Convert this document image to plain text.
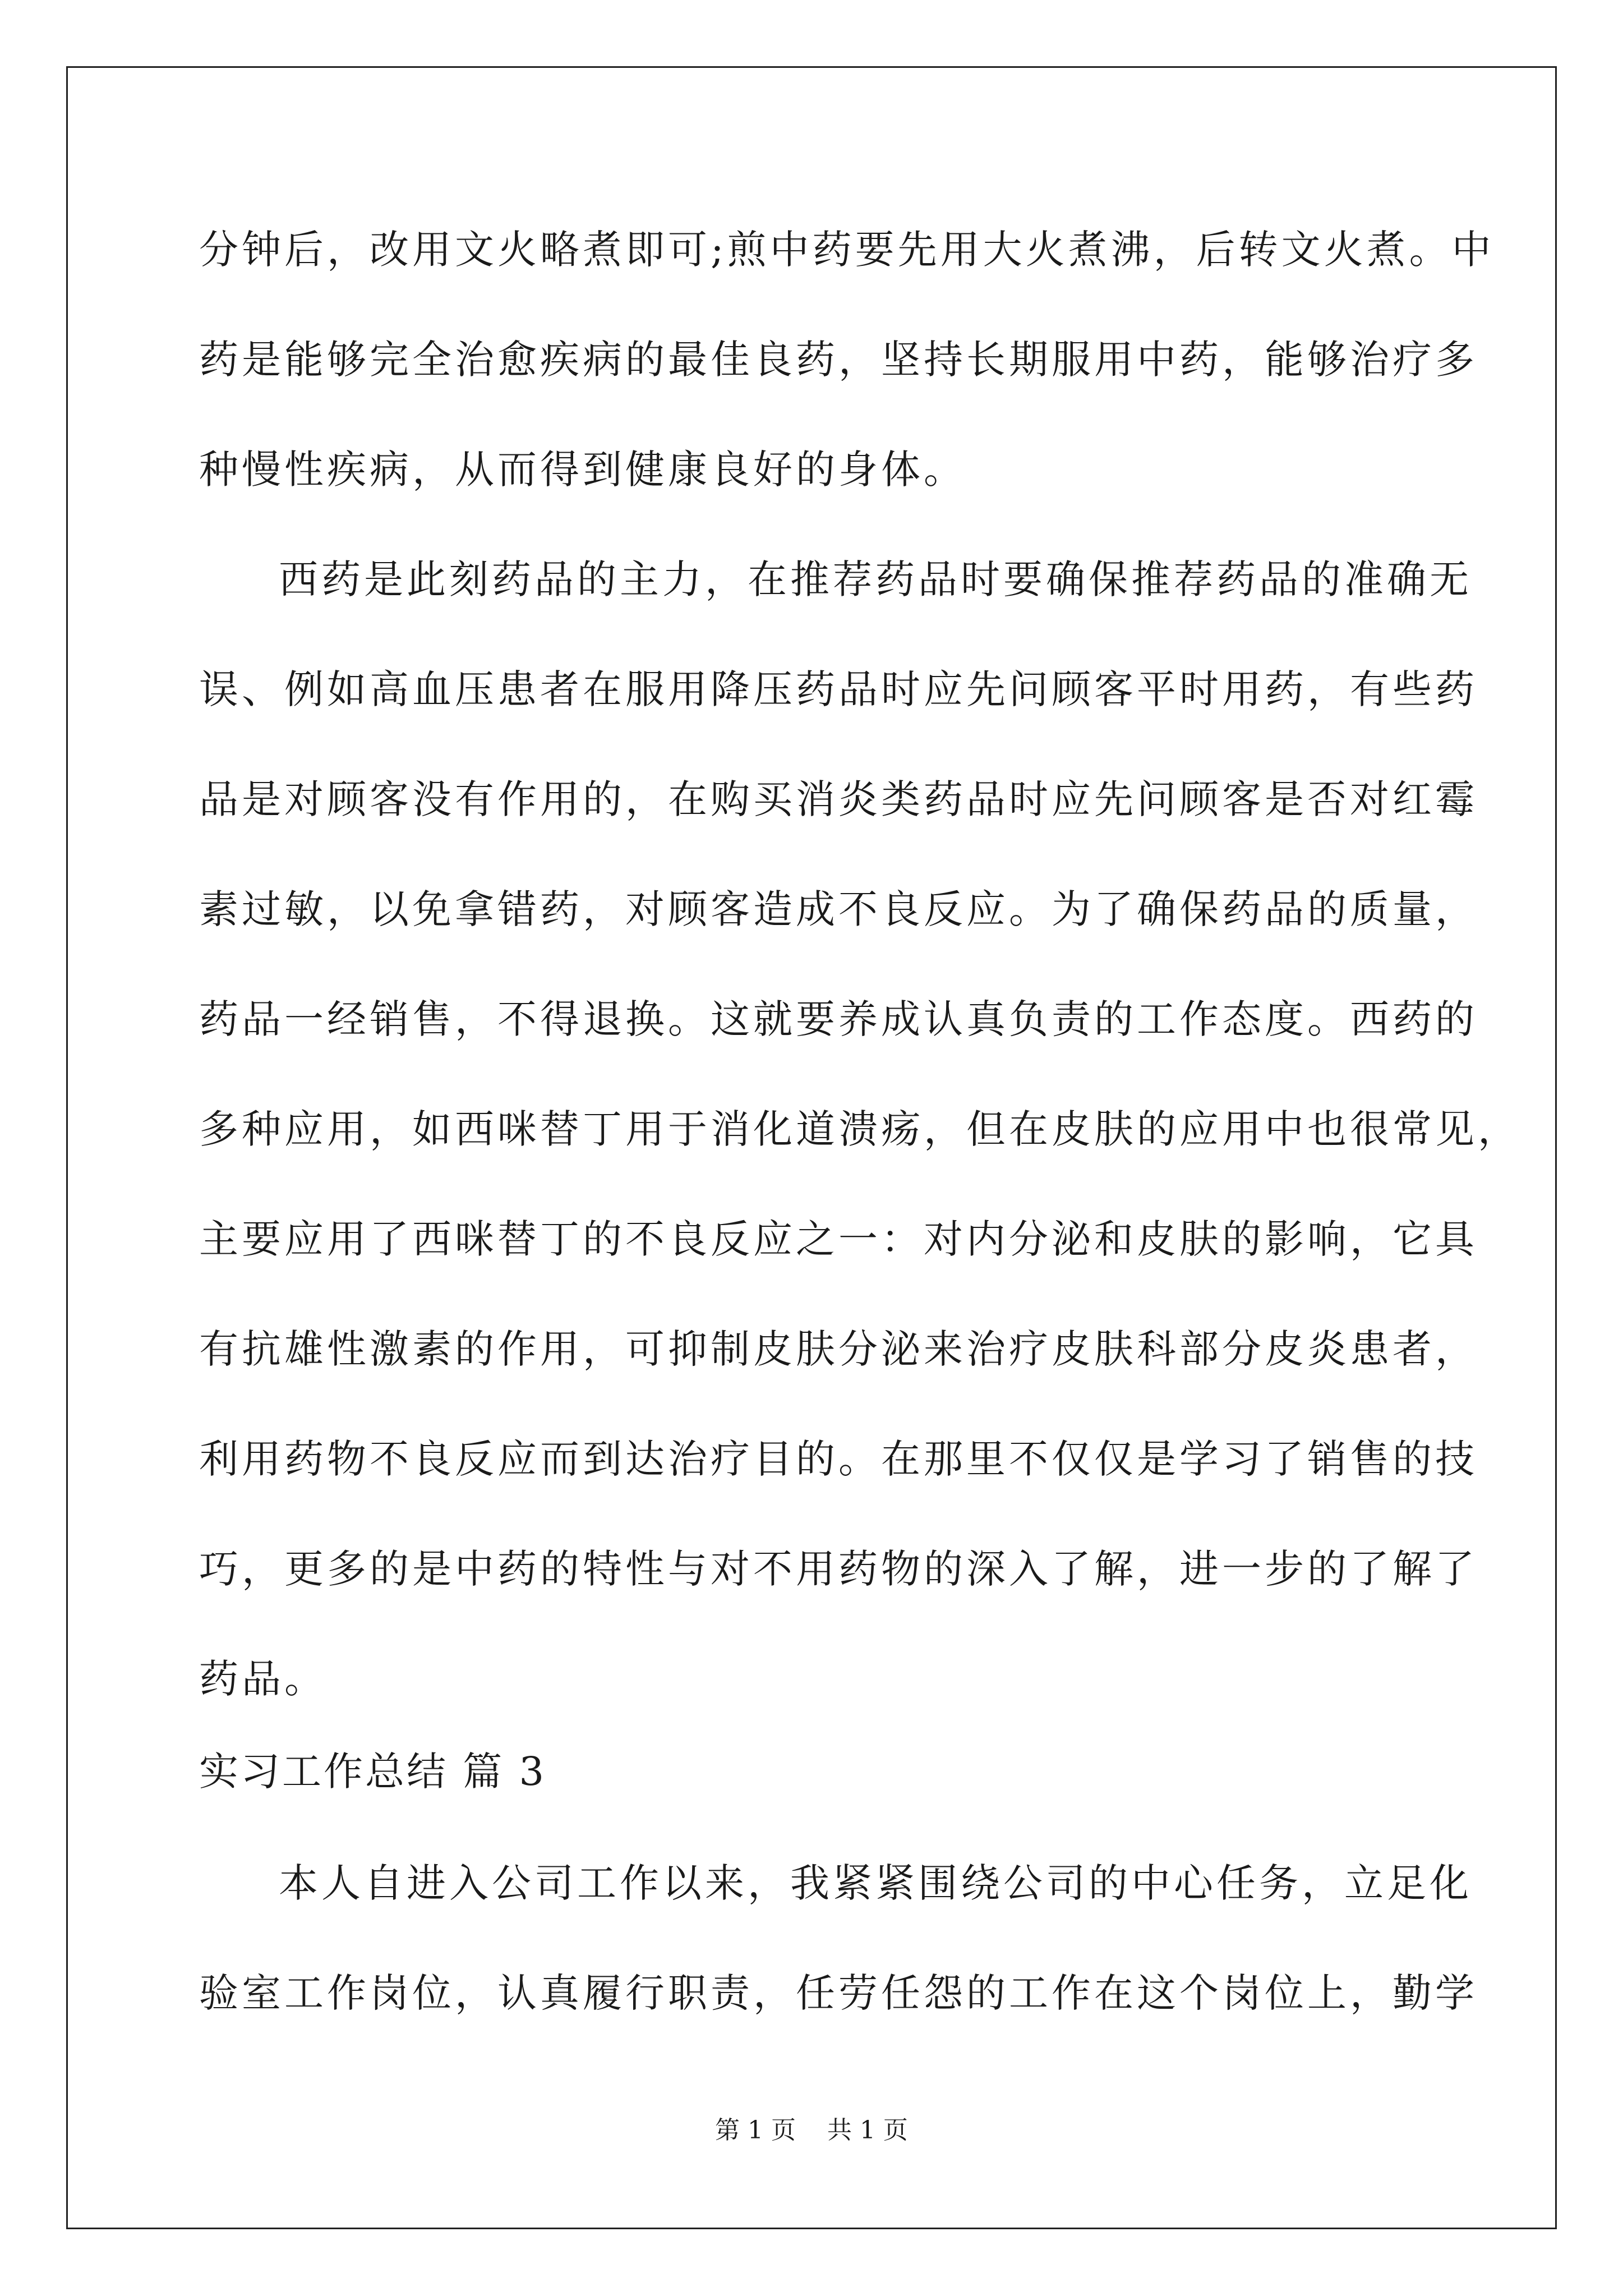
分钟后，改用文火略煮即可;煎中药要先用大火煮沸，后转文火煮。中
药是能够完全治愈疾病的最佳良药，坚持长期服用中药，能够治疗多
种慢性疾病，从而得到健康良好的身体。
西药是此刻药品的主力，在推荐药品时要确保推荐药品的准确无
误、例如高血压患者在服用降压药品时应先问顾客平时用药，有些药
品是对顾客没有作用的，在购买消炎类药品时应先问顾客是否对红霉
素过敏，以免拿错药，对顾客造成不良反应。为了确保药品的质量，
药品一经销售，不得退换。这就要养成认真负责的工作态度。西药的
多种应用，如西咪替丁用于消化道溃疡，但在皮肤的应用中也很常见，
主要应用了西咪替丁的不良反应之一：对内分泌和皮肤的影响，它具
有抗雄性激素的作用，可抑制皮肤分泌来治疗皮肤科部分皮炎患者，
利用药物不良反应而到达治疗目的。在那里不仅仅是学习了销售的技
巧，更多的是中药的特性与对不用药物的深入了解，进一步的了解了
药品。
实习工作总结 篇 3
本人自进入公司工作以来，我紧紧围绕公司的中心任务，立足化
验室工作岗位，认真履行职责，任劳任怨的工作在这个岗位上，勤学
第 1 页    共 1 页
